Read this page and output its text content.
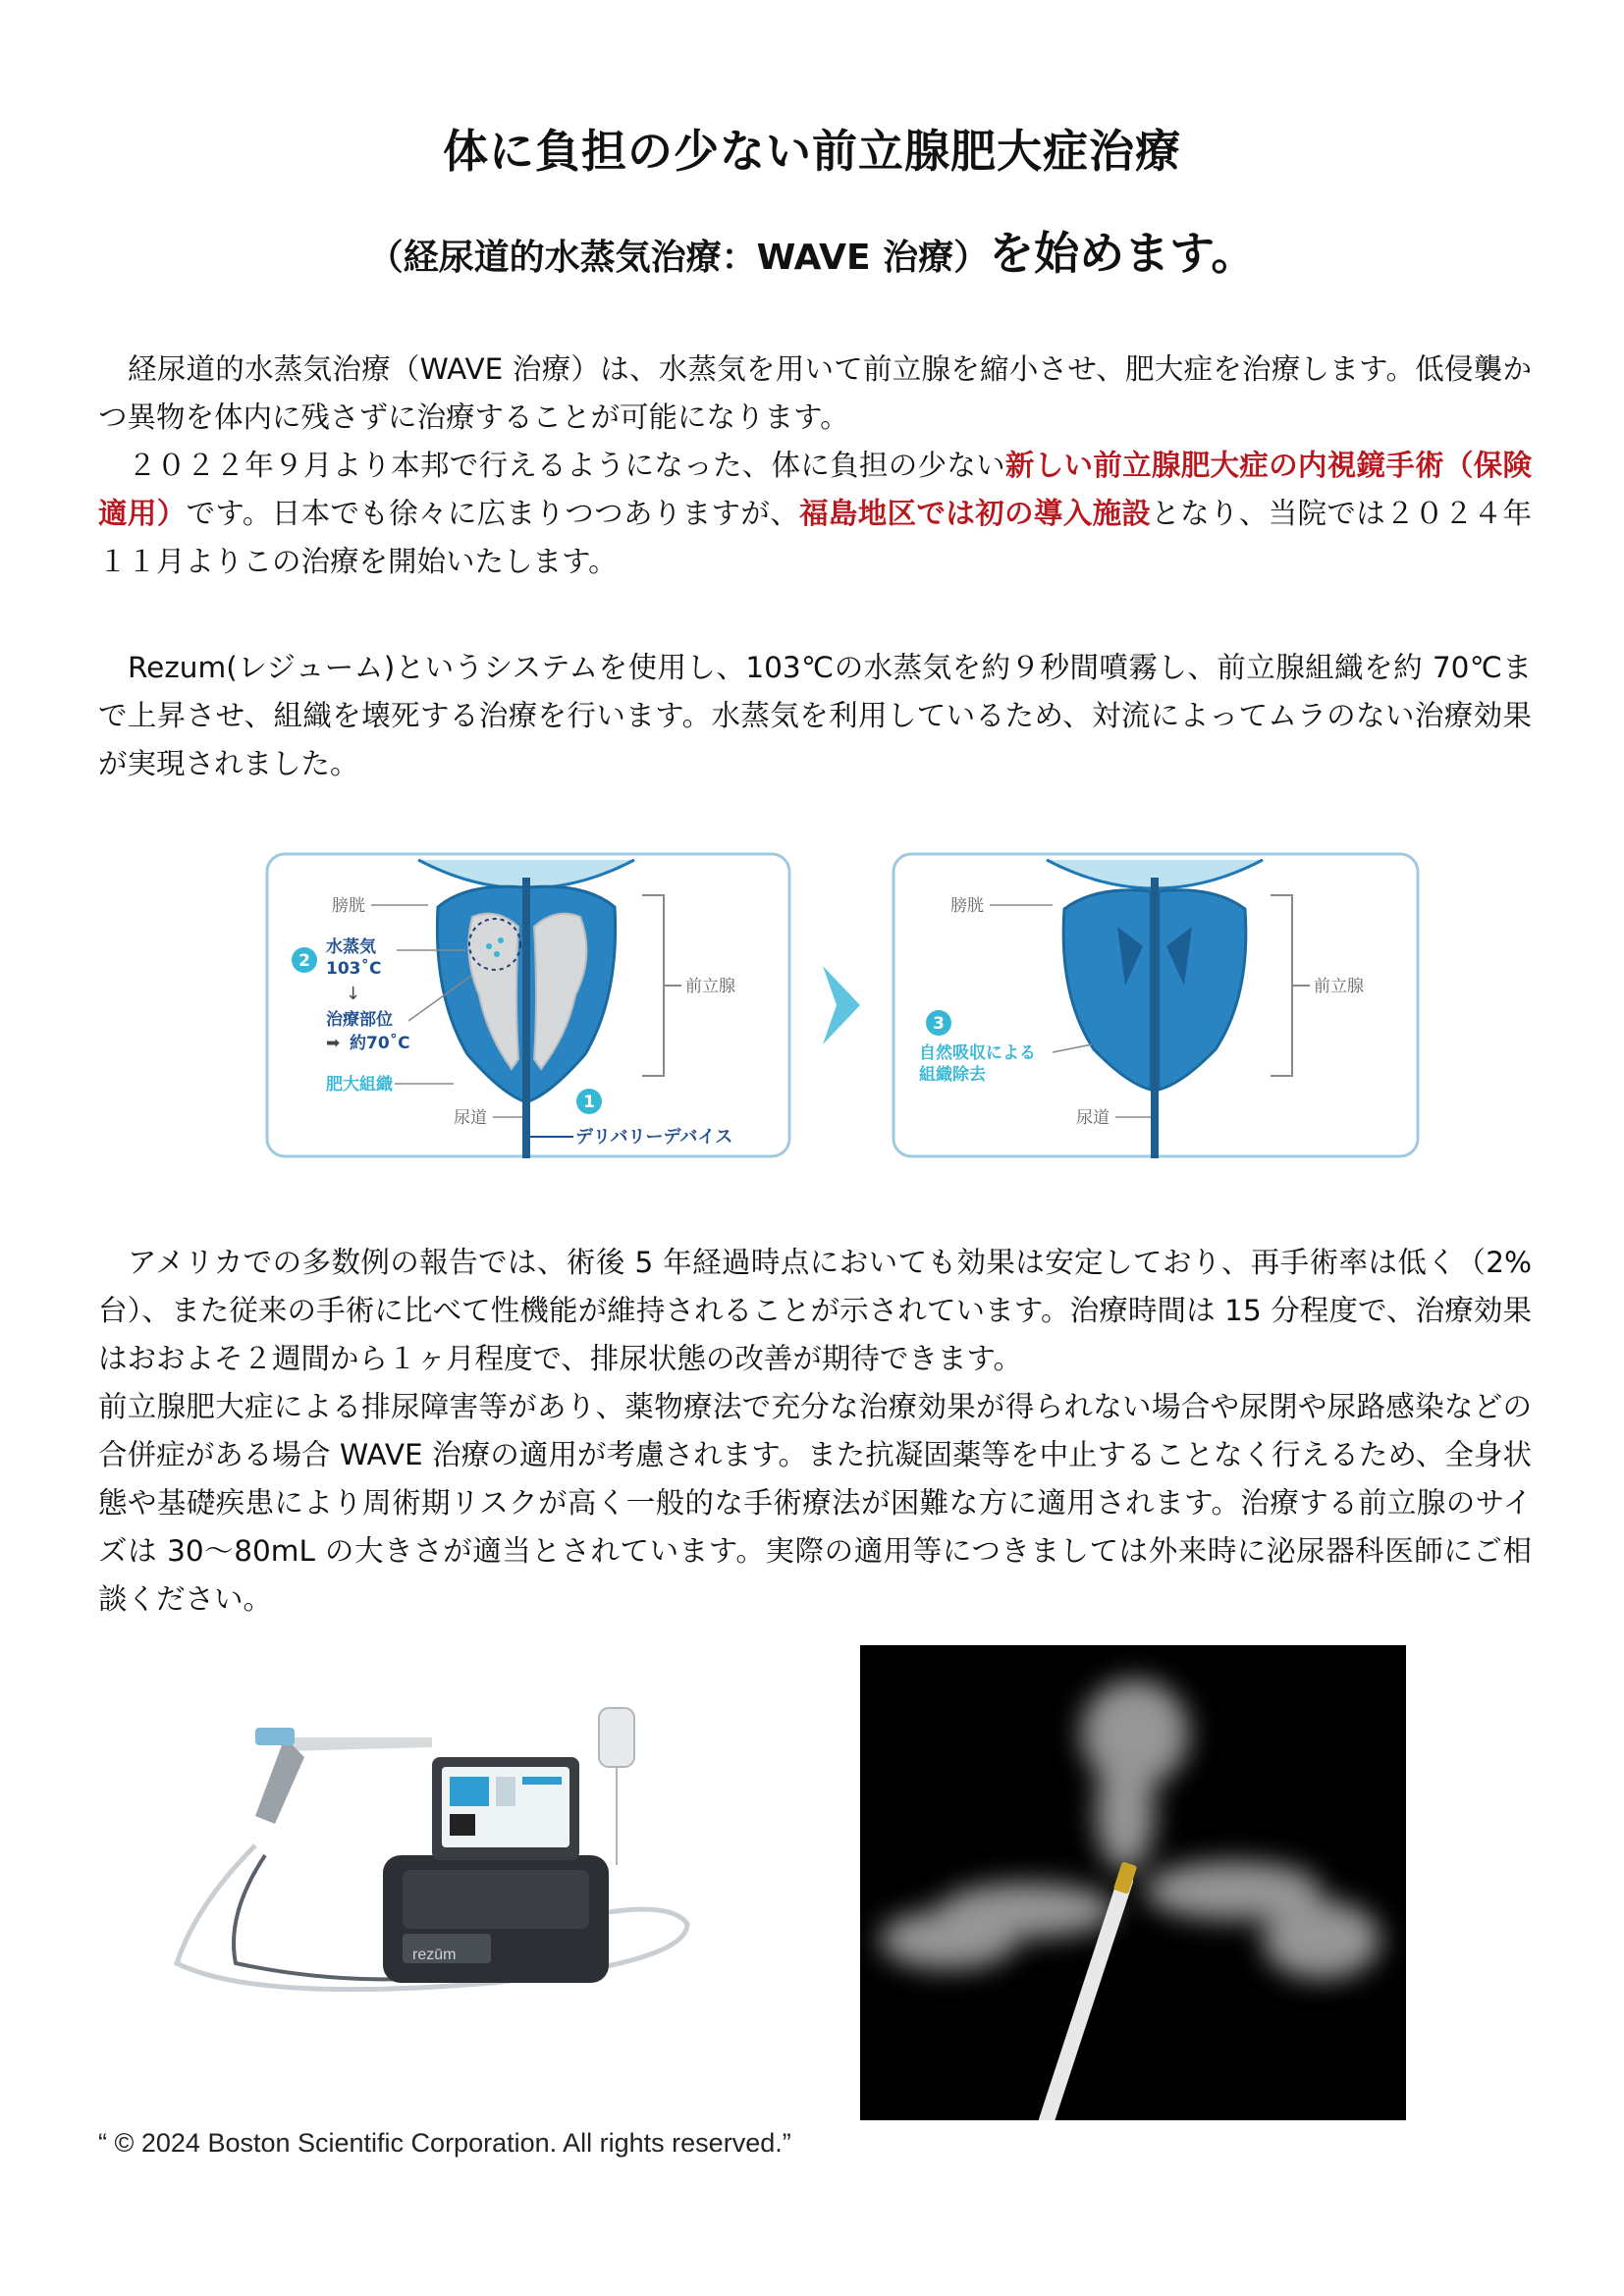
体に負担の少ない前立腺肥大症治療
（経尿道的水蒸気治療：WAVE 治療）を始めます。

経尿道的水蒸気治療（WAVE 治療）は、水蒸気を用いて前立腺を縮小させ、肥大症を治療します。低侵襲かつ異物を体内に残さずに治療することが可能になります。

２０２２年９月より本邦で行えるようになった、体に負担の少ない新しい前立腺肥大症の内視鏡手術（保険適用）です。日本でも徐々に広まりつつありますが、福島地区では初の導入施設となり、当院では２０２４年１１月よりこの治療を開始いたします。

Rezum(レジューム)というシステムを使用し、103℃の水蒸気を約９秒間噴霧し、前立腺組織を約 70℃まで上昇させ、組織を壊死する治療を行います。水蒸気を利用しているため、対流によってムラのない治療効果が実現されました。

膀胱
2
水蒸気
103˚C
↓
治療部位
➡ 約70˚C
肥大組織
尿道
前立腺
1
デリバリーデバイス
膀胱
前立腺
3
自然吸収による
組織除去
尿道

アメリカでの多数例の報告では、術後 5 年経過時点においても効果は安定しており、再手術率は低く（2%台）、また従来の手術に比べて性機能が維持されることが示されています。治療時間は 15 分程度で、治療効果はおおよそ２週間から１ヶ月程度で、排尿状態の改善が期待できます。

前立腺肥大症による排尿障害等があり、薬物療法で充分な治療効果が得られない場合や尿閉や尿路感染などの合併症がある場合 WAVE 治療の適用が考慮されます。また抗凝固薬等を中止することなく行えるため、全身状態や基礎疾患により周術期リスクが高く一般的な手術療法が困難な方に適用されます。治療する前立腺のサイズは 30～80mL の大きさが適当とされています。実際の適用等につきましては外来時に泌尿器科医師にご相談ください。

rezūm
“ © 2024 Boston Scientific Corporation. All rights reserved.”
